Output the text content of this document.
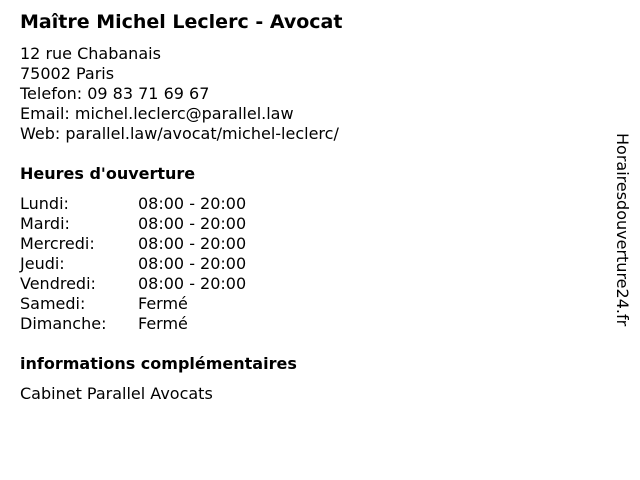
Maître Michel Leclerc - Avocat
12 rue Chabanais
75002 Paris
Telefon: 09 83 71 69 67
Email: michel.leclerc@parallel.law
Web: parallel.law/avocat/michel-leclerc/
Heures d'ouverture
Lundi:	08:00 - 20:00
Mardi:	08:00 - 20:00
Mercredi:	08:00 - 20:00
Jeudi:	08:00 - 20:00
Vendredi:	08:00 - 20:00
Samedi:	Fermé
Dimanche: Fermé
informations complémentaires
Cabinet Parallel Avocats
Horairesdouverture24.fr
